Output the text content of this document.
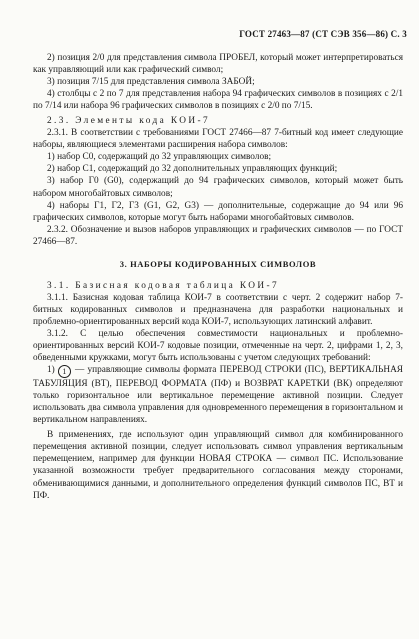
ГОСТ 27463—87 (СТ СЭВ 356—86) С. 3

2) позиция 2/0 для представления символа ПРОБЕЛ, который может интерпретироваться как управляющий или как графический символ;

3) позиция 7/15 для представления символа ЗАБОЙ;

4) столбцы с 2 по 7 для представления набора 94 графических символов в позициях с 2/1 по 7/14 или набора 96 графических символов в позициях с 2/0 по 7/15.

2.3. Элементы кода КОИ-7

2.3.1. В соответствии с требованиями ГОСТ 27466—87 7-битный код имеет следующие наборы, являющиеся элементами расширения набора символов:

1) набор С0, содержащий до 32 управляющих символов;

2) набор С1, содержащий до 32 дополнительных управляющих функций;

3) набор Г0 (G0), содержащий до 94 графических символов, который может быть набором многобайтовых символов;

4) наборы Г1, Г2, Г3 (G1, G2, G3) — дополнительные, содержащие до 94 или 96 графических символов, которые могут быть наборами многобайтовых символов.

2.3.2. Обозначение и вызов наборов управляющих и графических символов — по ГОСТ 27466—87.

3. НАБОРЫ КОДИРОВАННЫХ СИМВОЛОВ

3.1. Базисная кодовая таблица КОИ-7

3.1.1. Базисная кодовая таблица КОИ-7 в соответствии с черт. 2 содержит набор 7-битных кодированных символов и предназначена для разработки национальных и проблемно-ориентированных версий кода КОИ-7, использующих латинский алфавит.

3.1.2. С целью обеспечения совместимости национальных и проблемно-ориентированных версий КОИ-7 кодовые позиции, отмеченные на черт. 2, цифрами 1, 2, 3, обведенными кружками, могут быть использованы с учетом следующих требований:

1) 1 — управляющие символы формата ПЕРЕВОД СТРОКИ (ПС), ВЕРТИКАЛЬНАЯ ТАБУЛЯЦИЯ (ВТ), ПЕРЕВОД ФОРМАТА (ПФ) и ВОЗВРАТ КАРЕТКИ (ВК) определяют только горизонтальное или вертикальное перемещение активной позиции. Следует использовать два символа управления для одновременного перемещения в горизонтальном и вертикальном направлениях.

В применениях, где используют один управляющий символ для комбинированного перемещения активной позиции, следует использовать символ управления вертикальным перемещением, например для функции НОВАЯ СТРОКА — символ ПС. Использование указанной возможности требует предварительного согласования между сторонами, обменивающимися данными, и дополнительного определения функций символов ПС, ВТ и ПФ.
